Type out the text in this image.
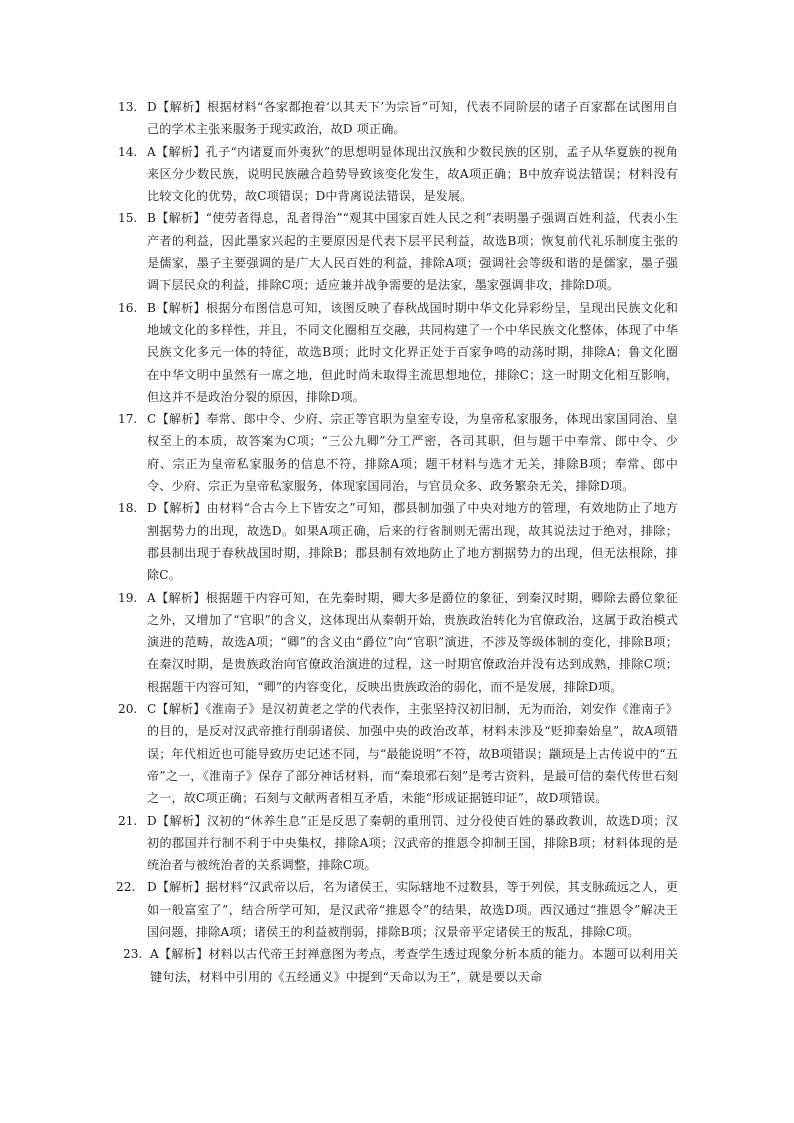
13. D【解析】根据材料“各家都抱着‘以其天下’为宗旨”可知，代表不同阶层的诸子百家都在试图用自己的学术主张来服务于现实政治，故D 项正确。
14. A【解析】孔子“内诸夏而外夷狄”的思想明显体现出汉族和少数民族的区别，孟子从华夏族的视角来区分少数民族，说明民族融合趋势导致该变化发生，故A项正确；B中放弃说法错误；材料没有比较文化的优势，故C项错误；D中背离说法错误，是发展。
15. B【解析】“使劳者得息，乱者得治”“观其中国家百姓人民之利”表明墨子强调百姓利益，代表小生产者的利益，因此墨家兴起的主要原因是代表下层平民利益，故选B项；恢复前代礼乐制度主张的是儒家，墨子主要强调的是广大人民百姓的利益，排除A项；强调社会等级和谐的是儒家，墨子强调下层民众的利益，排除C项；适应兼并战争需要的是法家，墨家强调非攻，排除D项。
16. B【解析】根据分布图信息可知，该图反映了春秋战国时期中华文化异彩纷呈，呈现出民族文化和地域文化的多样性，并且，不同文化圈相互交融，共同构建了一个中华民族文化整体，体现了中华民族文化多元一体的特征，故选B项；此时文化界正处于百家争鸣的动荡时期，排除A；鲁文化圈在中华文明中虽然有一席之地，但此时尚未取得主流思想地位，排除C；这一时期文化相互影响，但这并不是政治分裂的原因，排除D项。
17. C【解析】奉常、郎中令、少府、宗正等官职为皇室专设，为皇帝私家服务，体现出家国同治、皇权至上的本质，故答案为C项；“三公九卿”分工严密，各司其职，但与题干中奉常、郎中令、少府、宗正为皇帝私家服务的信息不符，排除A项；题干材料与选才无关，排除B项；奉常、郎中令、少府、宗正为皇帝私家服务，体现家国同治，与官员众多、政务繁杂无关，排除D项。
18. D【解析】由材料“合古今上下皆安之”可知，郡县制加强了中央对地方的管理，有效地防止了地方割据势力的出现，故选D。如果A项正确，后来的行省制则无需出现，故其说法过于绝对，排除；郡县制出现于春秋战国时期，排除B；郡县制有效地防止了地方割据势力的出现，但无法根除，排除C。
19. A【解析】根据题干内容可知，在先秦时期，卿大多是爵位的象征，到秦汉时期，卿除去爵位象征之外，又增加了“官职”的含义，这体现出从秦朝开始，贵族政治转化为官僚政治，这属于政治模式演进的范畴，故选A项；“卿”的含义由“爵位”向“官职”演进，不涉及等级体制的变化，排除B项；在秦汉时期，是贵族政治向官僚政治演进的过程，这一时期官僚政治并没有达到成熟，排除C项；根据题干内容可知，“卿”的内容变化，反映出贵族政治的弱化，而不是发展，排除D项。
20. C【解析】《淮南子》是汉初黄老之学的代表作，主张坚持汉初旧制，无为而治，刘安作《淮南子》的目的，是反对汉武帝推行削弱诸侯、加强中央的政治改革，材料未涉及“贬抑秦始皇”，故A项错误；年代相近也可能导致历史记述不同，与“最能说明”不符，故B项错误；颛顼是上古传说中的“五帝”之一，《淮南子》保存了部分神话材料，而“秦琅邪石刻”是考古资料，是最可信的秦代传世石刻之一，故C项正确；石刻与文献两者相互矛盾，未能“形成证据链印证”，故D项错误。
21. D【解析】汉初的“休养生息”正是反思了秦朝的重刑罚、过分役使百姓的暴政教训，故选D项；汉初的郡国并行制不利于中央集权，排除A项；汉武帝的推恩令抑制王国，排除B项；材料体现的是统治者与被统治者的关系调整，排除C项。
22. D【解析】据材料“汉武帝以后，名为诸侯王，实际辖地不过数县，等于列侯，其支脉疏远之人，更如一般富室了”，结合所学可知，是汉武帝“推恩令”的结果，故选D项。西汉通过“推恩令”解决王国问题，排除A项；诸侯王的利益被削弱，排除B项；汉景帝平定诸侯王的叛乱，排除C项。
23. A【解析】材料以古代帝王封禅意图为考点，考查学生透过现象分析本质的能力。本题可以利用关键句法，材料中引用的《五经通义》中提到“天命以为王”，就是要以天命
